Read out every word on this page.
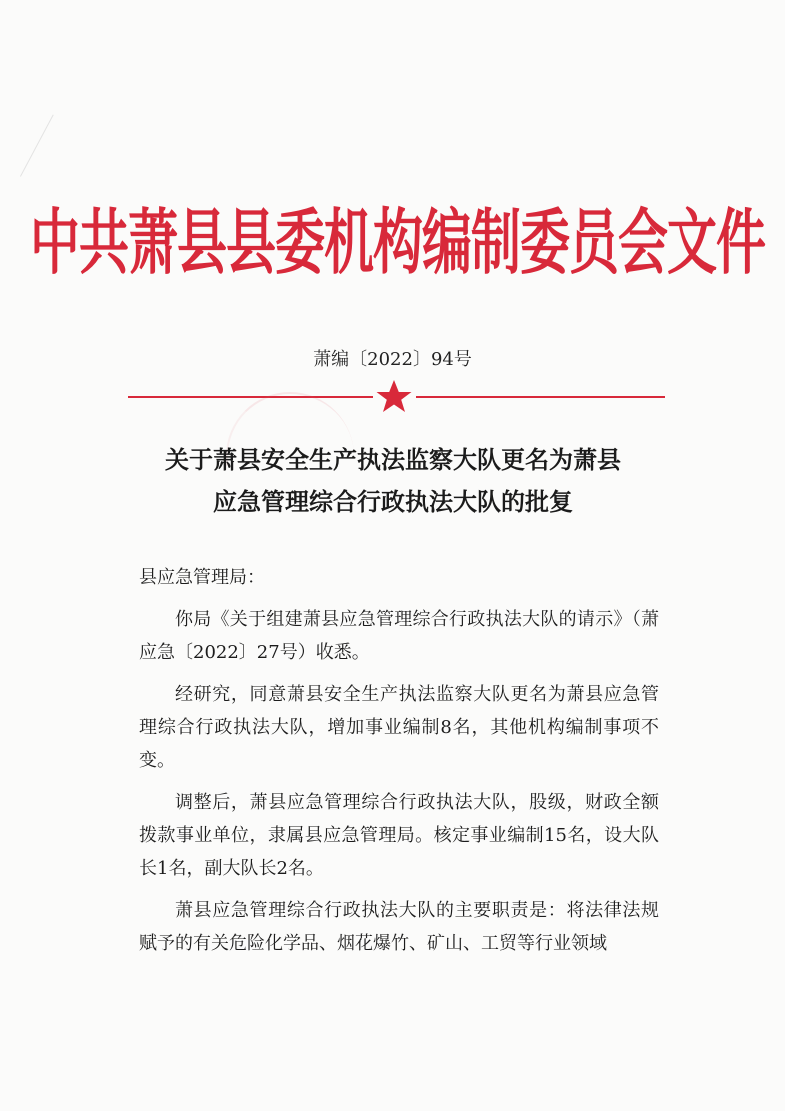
中共萧县县委机构编制委员会文件
萧编〔2022〕94号
关于萧县安全生产执法监察大队更名为萧县
应急管理综合行政执法大队的批复

县应急管理局：

你局《关于组建萧县应急管理综合行政执法大队的请示》（萧应急〔2022〕27号）收悉。

经研究，同意萧县安全生产执法监察大队更名为萧县应急管理综合行政执法大队，增加事业编制8名，其他机构编制事项不变。

调整后，萧县应急管理综合行政执法大队，股级，财政全额拨款事业单位，隶属县应急管理局。核定事业编制15名，设大队长1名，副大队长2名。

萧县应急管理综合行政执法大队的主要职责是：将法律法规赋予的有关危险化学品、烟花爆竹、矿山、工贸等行业领域
